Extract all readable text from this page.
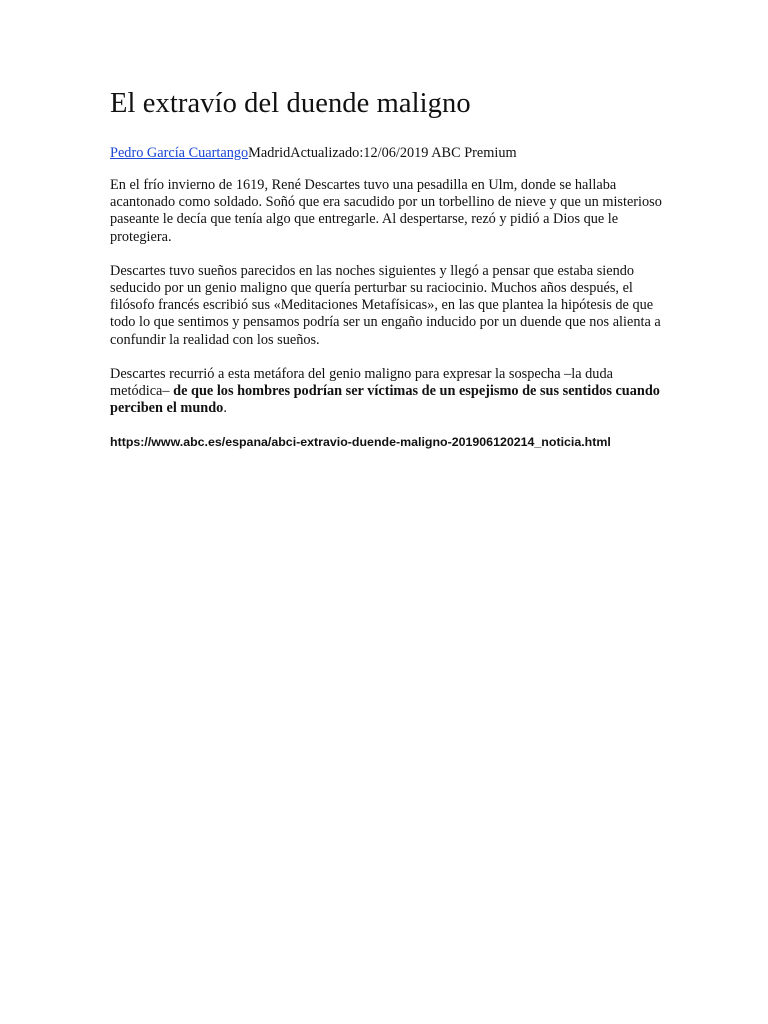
El extravío del duende maligno
Pedro García CuartangoMadridActualizado:12/06/2019 ABC Premium

En el frío invierno de 1619, René Descartes tuvo una pesadilla en Ulm, donde se hallaba acantonado como soldado. Soñó que era sacudido por un torbellino de nieve y que un misterioso paseante le decía que tenía algo que entregarle. Al despertarse, rezó y pidió a Dios que le protegiera.

Descartes tuvo sueños parecidos en las noches siguientes y llegó a pensar que estaba siendo seducido por un genio maligno que quería perturbar su raciocinio. Muchos años después, el filósofo francés escribió sus «Meditaciones Metafísicas», en las que plantea la hipótesis de que todo lo que sentimos y pensamos podría ser un engaño inducido por un duende que nos alienta a confundir la realidad con los sueños.

Descartes recurrió a esta metáfora del genio maligno para expresar la sospecha –la duda metódica– de que los hombres podrían ser víctimas de un espejismo de sus sentidos cuando perciben el mundo.

https://www.abc.es/espana/abci-extravio-duende-maligno-201906120214_noticia.html
